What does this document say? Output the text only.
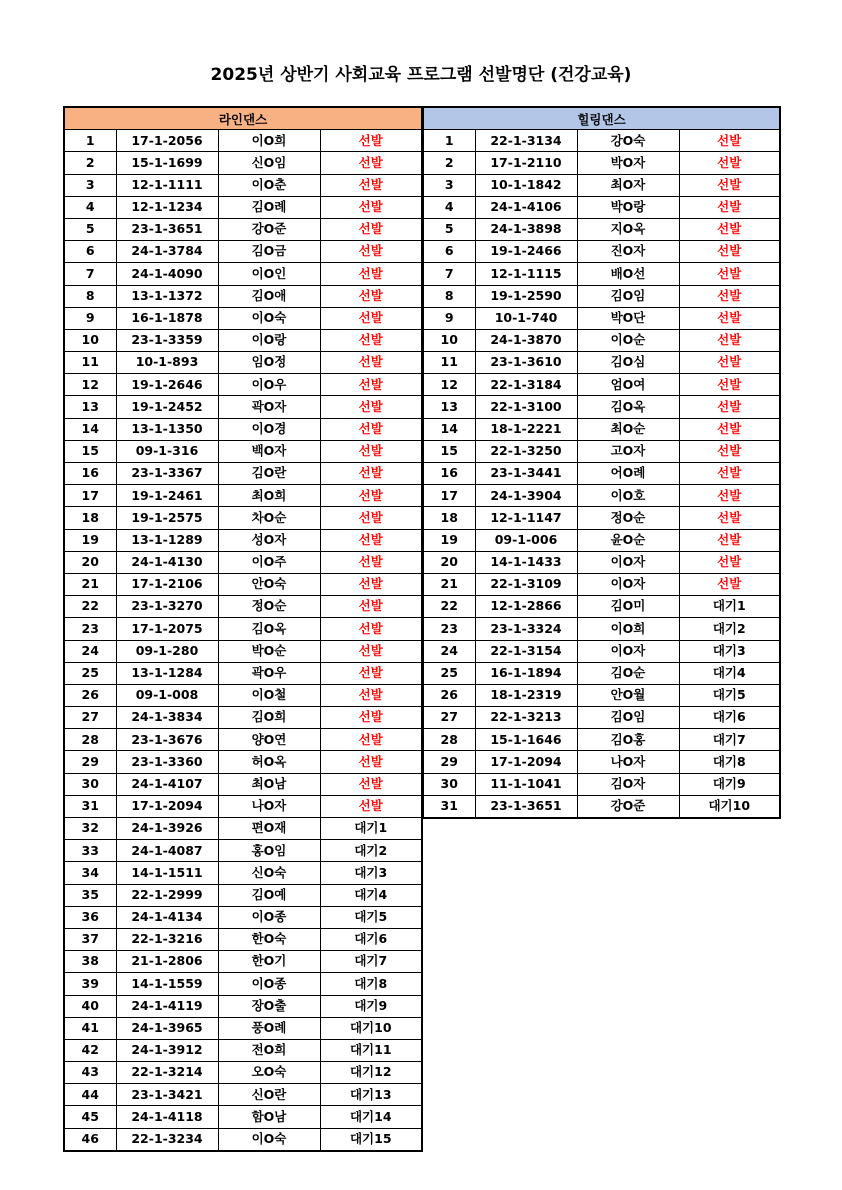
2025년 상반기 사회교육 프로그램 선발명단 (건강교육)
라인댄스			
1	17-1-2056	이O희	선발
2	15-1-1699	신O임	선발
3	12-1-1111	이O춘	선발
4	12-1-1234	김O례	선발
5	23-1-3651	강O준	선발
6	24-1-3784	김O금	선발
7	24-1-4090	이O인	선발
8	13-1-1372	김O애	선발
9	16-1-1878	이O숙	선발
10	23-1-3359	이O랑	선발
11	10-1-893	임O정	선발
12	19-1-2646	이O우	선발
13	19-1-2452	곽O자	선발
14	13-1-1350	이O경	선발
15	09-1-316	백O자	선발
16	23-1-3367	김O란	선발
17	19-1-2461	최O희	선발
18	19-1-2575	차O순	선발
19	13-1-1289	성O자	선발
20	24-1-4130	이O주	선발
21	17-1-2106	안O숙	선발
22	23-1-3270	정O순	선발
23	17-1-2075	김O옥	선발
24	09-1-280	박O순	선발
25	13-1-1284	곽O우	선발
26	09-1-008	이O철	선발
27	24-1-3834	김O희	선발
28	23-1-3676	양O연	선발
29	23-1-3360	허O옥	선발
30	24-1-4107	최O남	선발
31	17-1-2094	나O자	선발
32	24-1-3926	편O재	대기1
33	24-1-4087	홍O임	대기2
34	14-1-1511	신O숙	대기3
35	22-1-2999	김O예	대기4
36	24-1-4134	이O종	대기5
37	22-1-3216	한O숙	대기6
38	21-1-2806	한O기	대기7
39	14-1-1559	이O종	대기8
40	24-1-4119	장O출	대기9
41	24-1-3965	풍O례	대기10
42	24-1-3912	전O희	대기11
43	22-1-3214	오O숙	대기12
44	23-1-3421	신O란	대기13
45	24-1-4118	함O남	대기14
46	22-1-3234	이O숙	대기15
힐링댄스			
1	22-1-3134	강O숙	선발
2	17-1-2110	박O자	선발
3	10-1-1842	최O자	선발
4	24-1-4106	박O랑	선발
5	24-1-3898	지O옥	선발
6	19-1-2466	진O자	선발
7	12-1-1115	배O선	선발
8	19-1-2590	김O임	선발
9	10-1-740	박O단	선발
10	24-1-3870	이O순	선발
11	23-1-3610	김O심	선발
12	22-1-3184	엄O여	선발
13	22-1-3100	김O옥	선발
14	18-1-2221	최O순	선발
15	22-1-3250	고O자	선발
16	23-1-3441	어O례	선발
17	24-1-3904	이O호	선발
18	12-1-1147	정O순	선발
19	09-1-006	윤O순	선발
20	14-1-1433	이O자	선발
21	22-1-3109	이O자	선발
22	12-1-2866	김O미	대기1
23	23-1-3324	이O희	대기2
24	22-1-3154	이O자	대기3
25	16-1-1894	김O순	대기4
26	18-1-2319	안O월	대기5
27	22-1-3213	김O임	대기6
28	15-1-1646	김O홍	대기7
29	17-1-2094	나O자	대기8
30	11-1-1041	김O자	대기9
31	23-1-3651	강O준	대기10
